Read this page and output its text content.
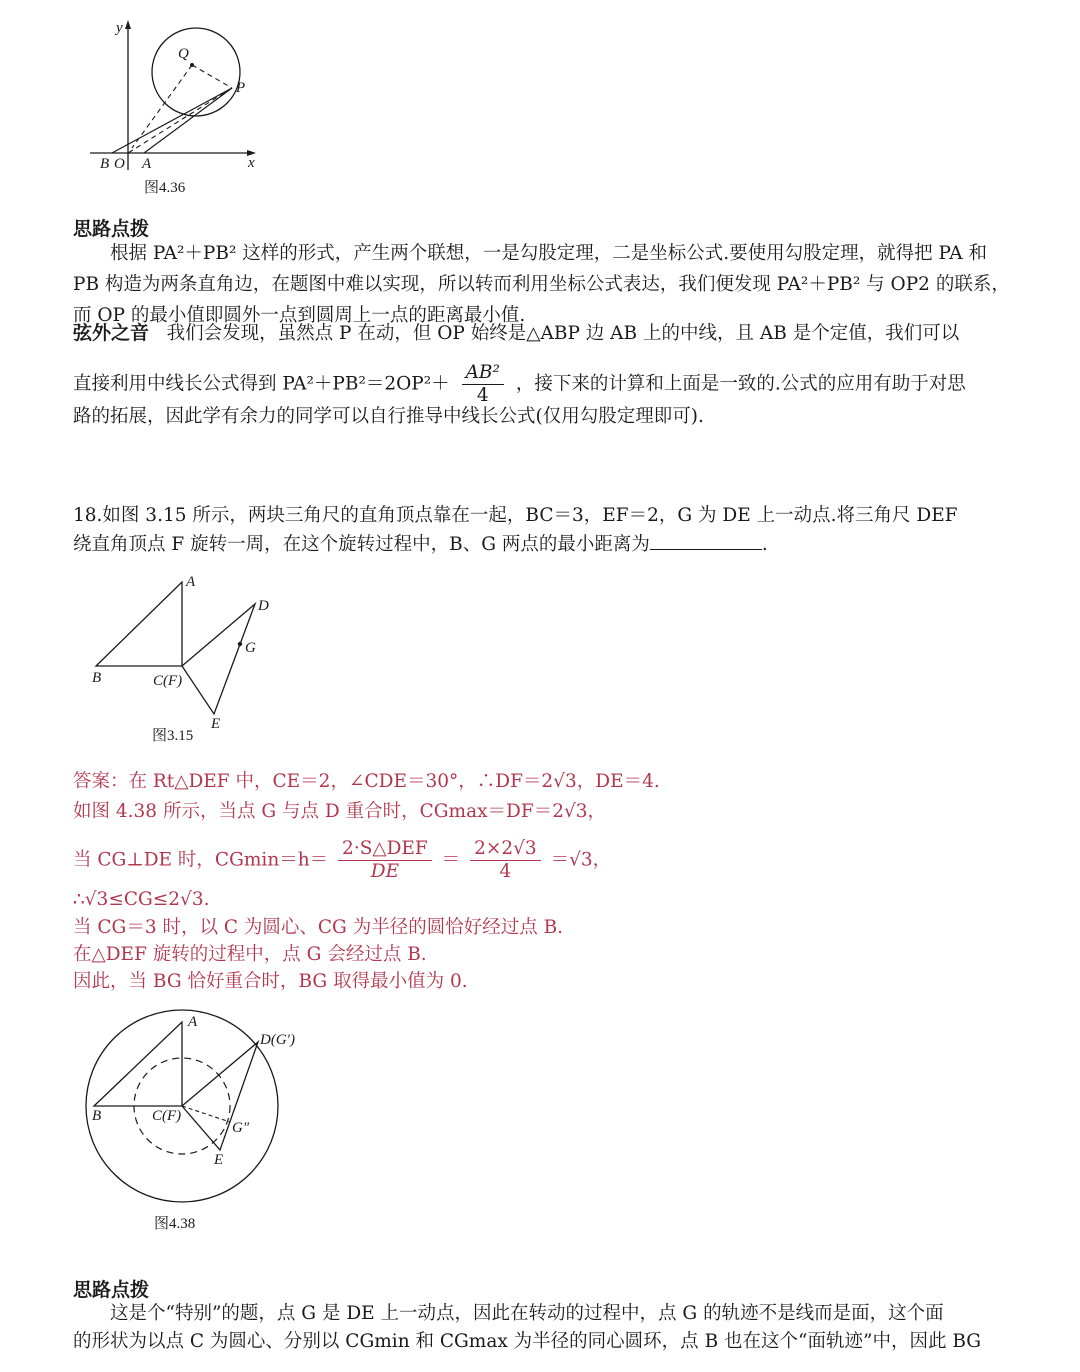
y
x
Q
P
B O A
图4.36
思路点拨
根据 PA²＋PB² 这样的形式，产生两个联想，一是勾股定理，二是坐标公式.要使用勾股定理，就得把 PA 和 PB 构造为两条直角边，在题图中难以实现，所以转而利用坐标公式表达，我们便发现 PA²＋PB² 与 OP2 的联系，而 OP 的最小值即圆外一点到圆周上一点的距离最小值.
弦外之音 我们会发现，虽然点 P 在动，但 OP 始终是△ABP 边 AB 上的中线，且 AB 是个定值，我们可以
直接利用中线长公式得到 $PA^2+PB^2=2OP^2+ \frac{\text{AB²}}{4}$ ，接下来的计算和上面是一致的.公式的应用有助于对思
路的拓展，因此学有余力的同学可以自行推导中线长公式(仅用勾股定理即可).
18.如图 3.15 所示，两块三角尺的直角顶点靠在一起，BC＝3，EF＝2，G 为 DE 上一动点.将三角尺 DEF
绕直角顶点 F 旋转一周，在这个旋转过程中，B、G 两点的最小距离为	.
A
B	C(F)
D
G
E
图3.15
答案：在 Rt△DEF 中，CE＝2，∠CDE＝30°，∴DF＝2√3，DE＝4.
如图 4.38 所示，当点 G 与点 D 重合时，CGmax＝DF＝2√3，
当 CG⊥DE 时，CGmin＝h＝
2·S△DEF
DE
＝ $\frac{2\times 2√3}{4} =√3$，
∴√3≤CG≤2√3.
当 CG＝3 时，以 C 为圆心、CG 为半径的圆恰好经过点 B.
在△DEF 旋转的过程中，点 G 会经过点 B.
因此，当 BG 恰好重合时，BG 取得最小值为 0.
A
B	C(F)
D(G′)
G″
E
图4.38
思路点拨
这是个“特别”的题，点 G 是 DE 上一动点，因此在转动的过程中，点 G 的轨迹不是线而是面，这个面
的形状为以点 C 为圆心、分别以 CGmin 和 CGmax 为半径的同心圆环，点 B 也在这个“面轨迹”中，因此 BG
